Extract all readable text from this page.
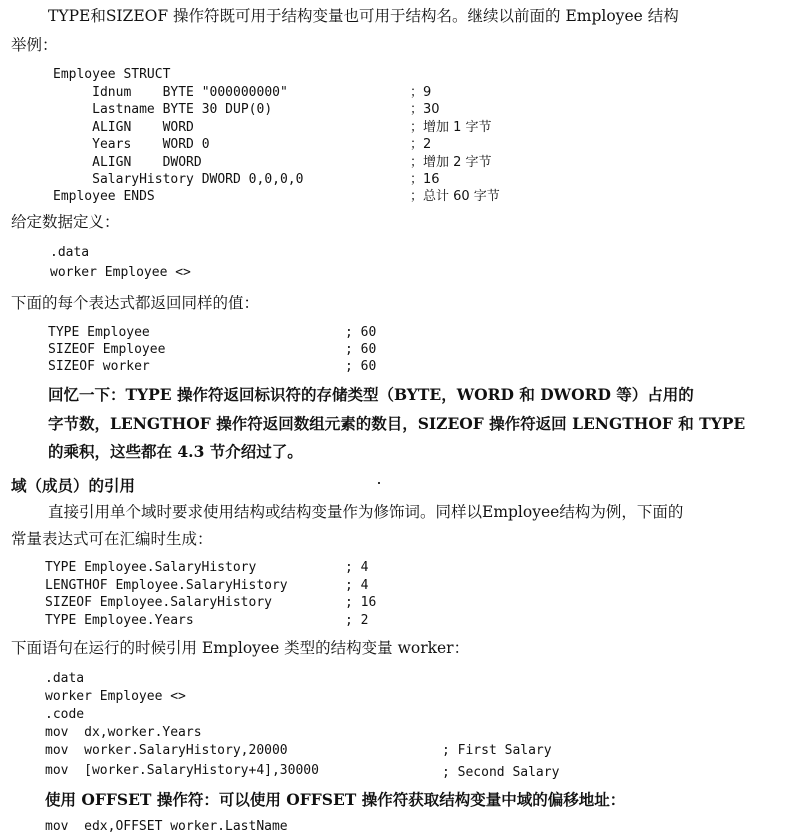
TYPE和SIZEOF 操作符既可用于结构变量也可用于结构名。继续以前面的 Employee 结构
举例：
Employee STRUCT
Idnum    BYTE "000000000"	；9
Lastname BYTE 30 DUP(0)	；30
ALIGN    WORD	；增加 1 字节
Years    WORD 0	；2
ALIGN    DWORD	；增加 2 字节
SalaryHistory DWORD 0,0,0,0	；16
Employee ENDS	；总计 60 字节
给定数据定义：
.data
worker Employee <>
下面的每个表达式都返回同样的值：
TYPE Employee	; 60
SIZEOF Employee	; 60
SIZEOF worker	; 60
回忆一下：TYPE 操作符返回标识符的存储类型（BYTE，WORD 和 DWORD 等）占用的
字节数，LENGTHOF 操作符返回数组元素的数目，SIZEOF 操作符返回 LENGTHOF 和 TYPE
的乘积，这些都在 4.3 节介绍过了。
域（成员）的引用
直接引用单个域时要求使用结构或结构变量作为修饰词。同样以Employee结构为例，下面的
常量表达式可在汇编时生成：
TYPE Employee.SalaryHistory	; 4
LENGTHOF Employee.SalaryHistory	; 4
SIZEOF Employee.SalaryHistory	; 16
TYPE Employee.Years	; 2
下面语句在运行的时候引用 Employee 类型的结构变量 worker：
.data
worker Employee <>
.code
mov  dx,worker.Years
mov  worker.SalaryHistory,20000	; First Salary
mov  [worker.SalaryHistory+4],30000	; Second Salary
使用 OFFSET 操作符：可以使用 OFFSET 操作符获取结构变量中域的偏移地址：
mov  edx,OFFSET worker.LastName
